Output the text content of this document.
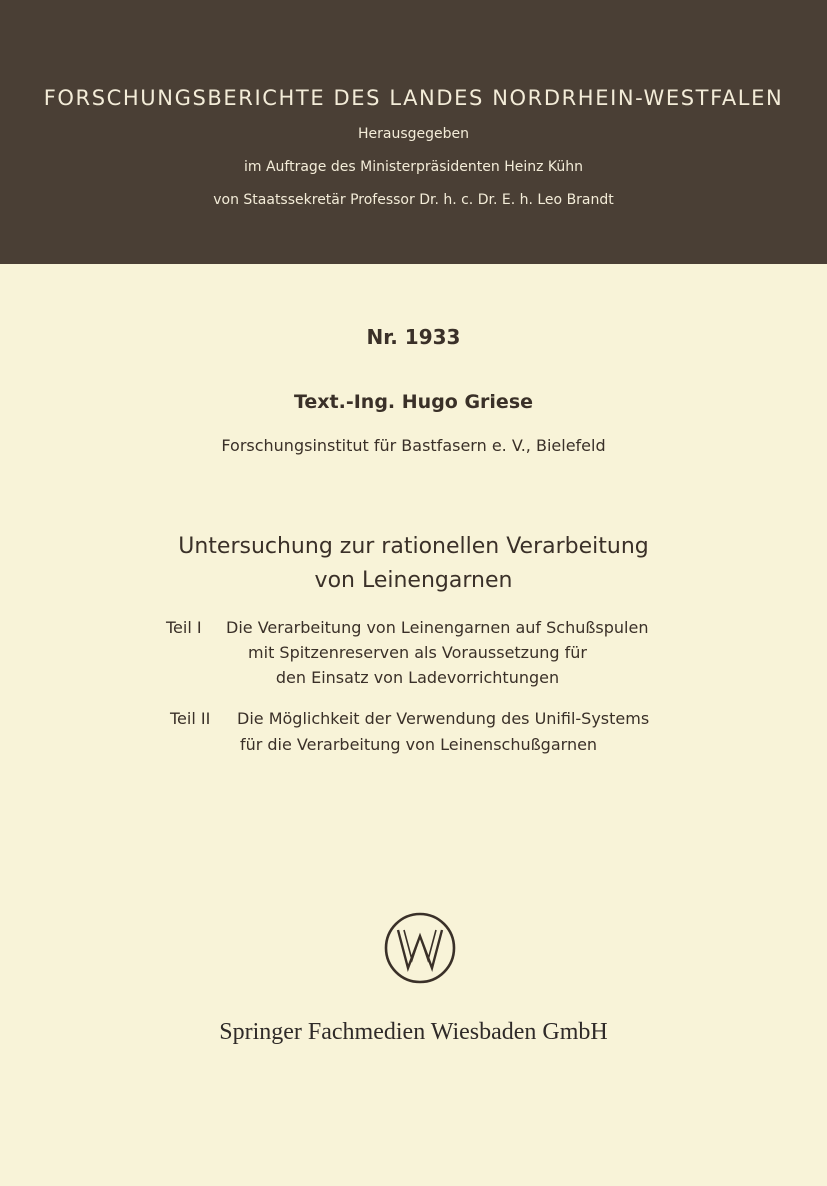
FORSCHUNGSBERICHTE DES LANDES NORDRHEIN-WESTFALEN
Herausgegeben
im Auftrage des Ministerpräsidenten Heinz Kühn
von Staatssekretär Professor Dr. h. c. Dr. E. h. Leo Brandt
Nr. 1933
Text.-Ing. Hugo Griese
Forschungsinstitut für Bastfasern e. V., Bielefeld
Untersuchung zur rationellen Verarbeitung
von Leinengarnen
Teil I Die Verarbeitung von Leinengarnen auf Schußspulen
mit Spitzenreserven als Voraussetzung für
den Einsatz von Ladevorrichtungen
Teil II Die Möglichkeit der Verwendung des Unifil-Systems
für die Verarbeitung von Leinenschußgarnen
Springer Fachmedien Wiesbaden GmbH
